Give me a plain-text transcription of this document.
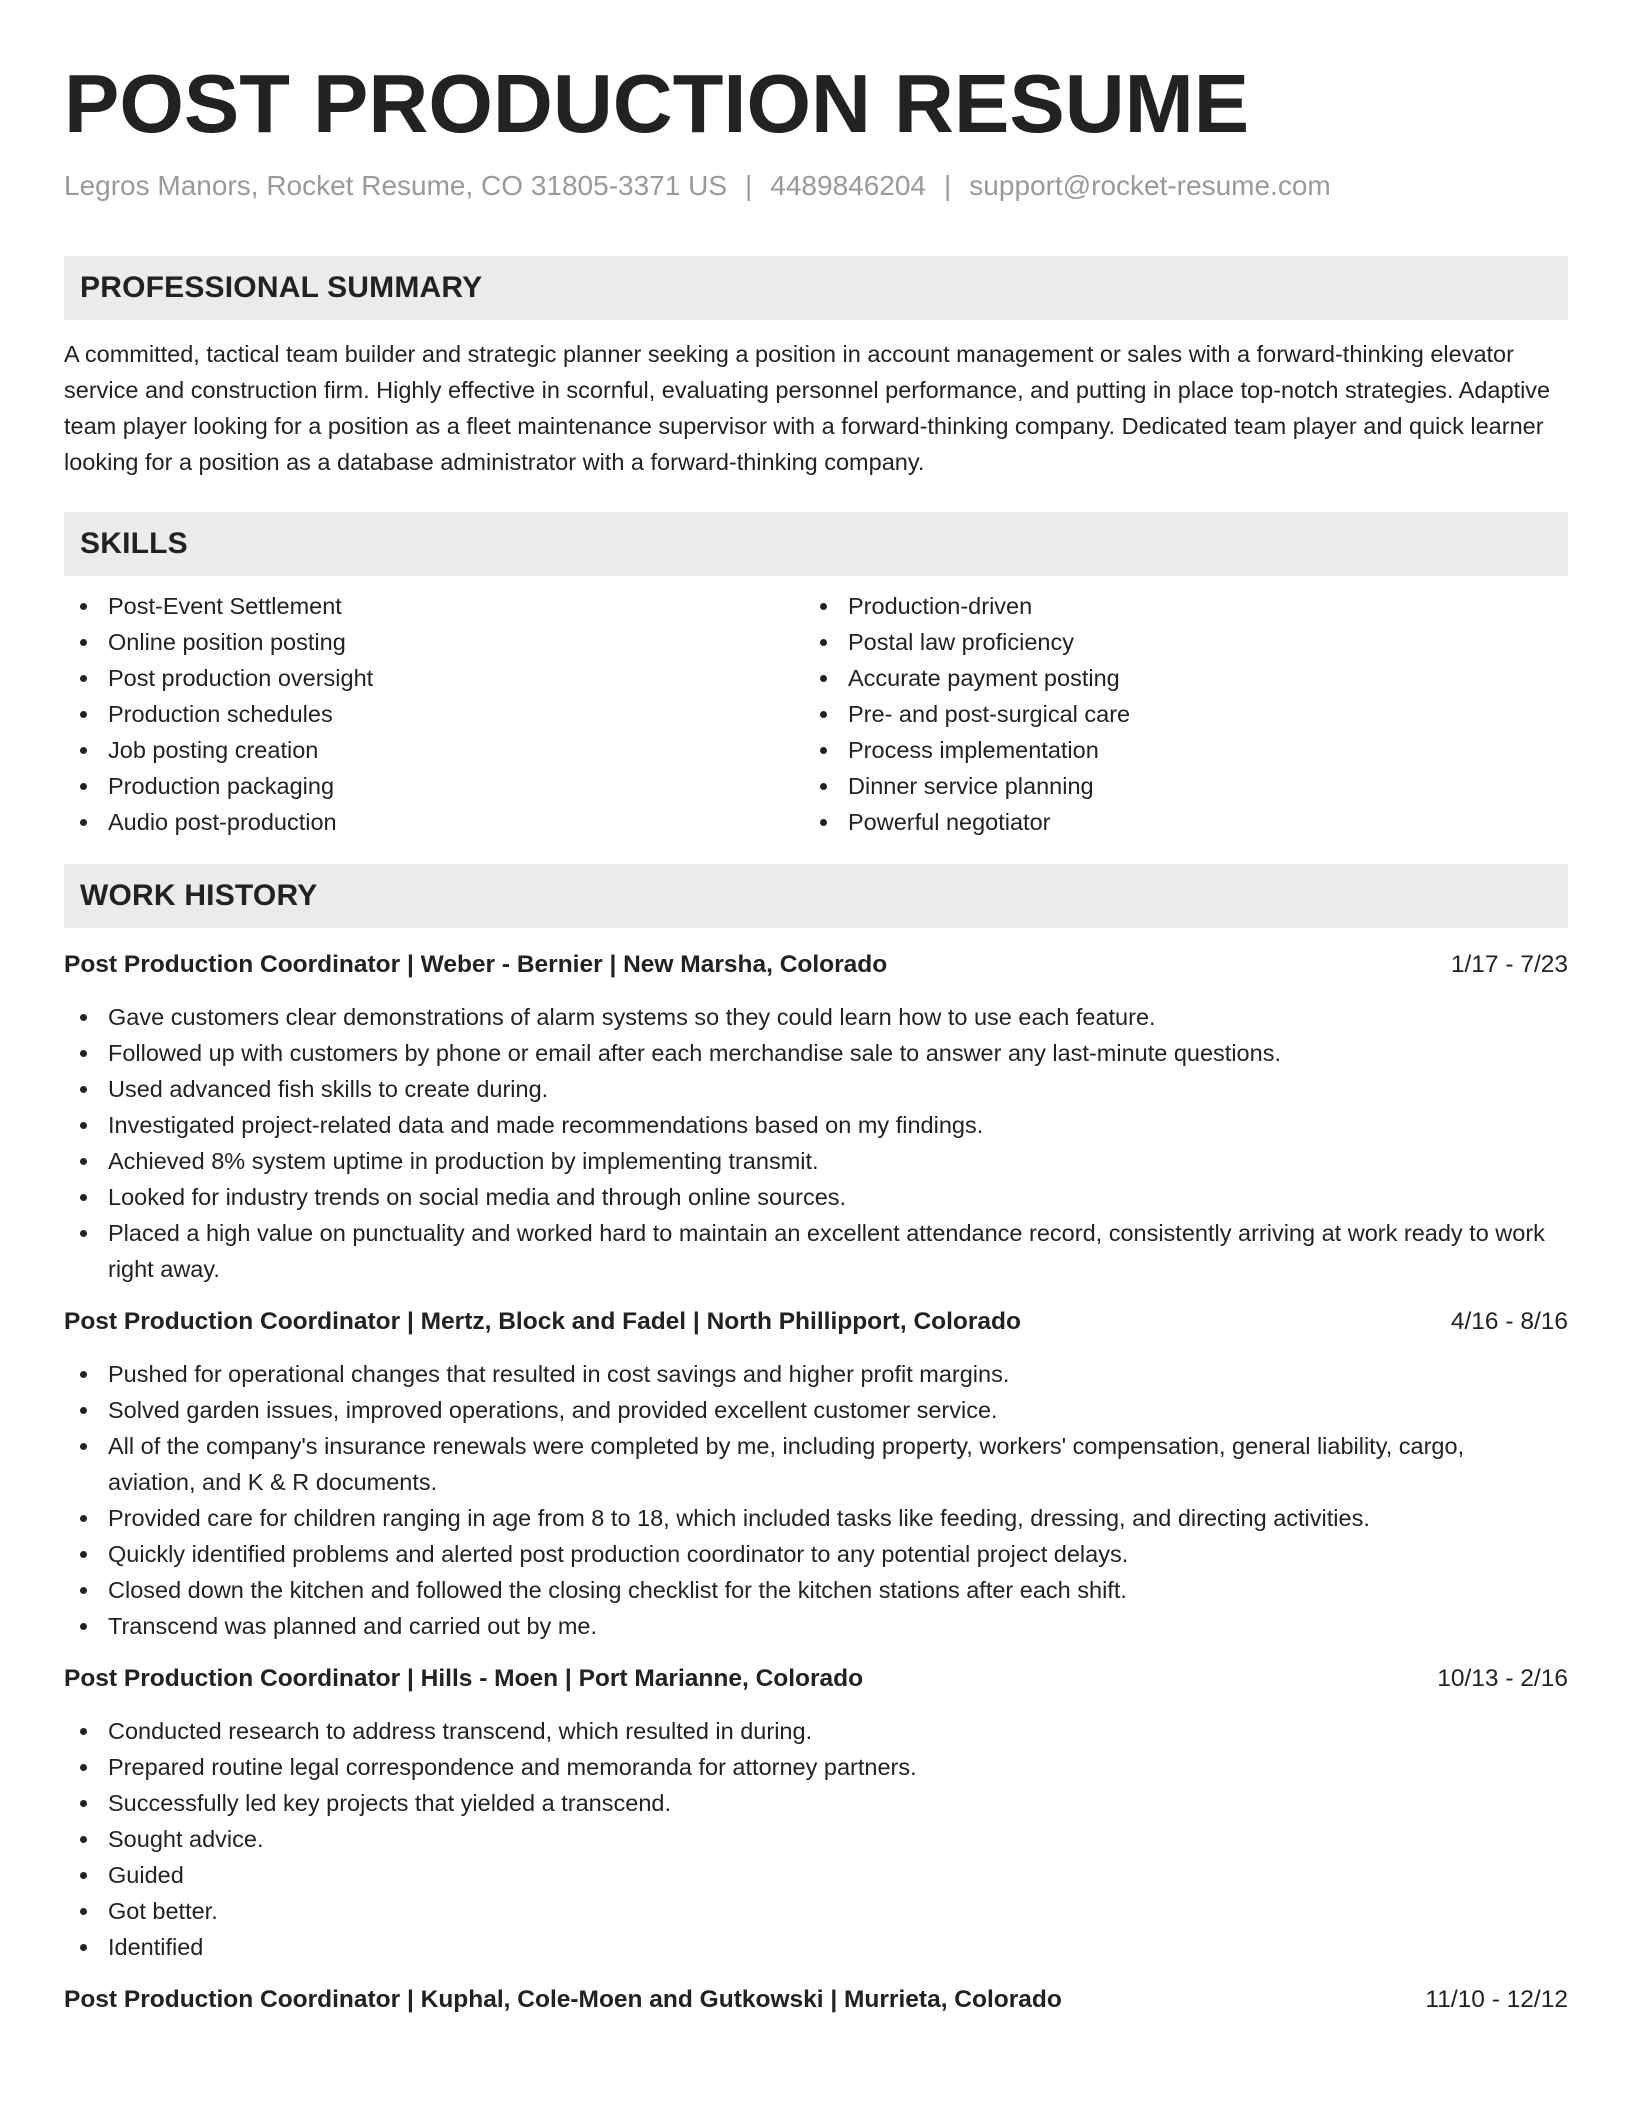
POST PRODUCTION RESUME
Legros Manors, Rocket Resume, CO 31805-3371 US | 4489846204 | support@rocket-resume.com
PROFESSIONAL SUMMARY
A committed, tactical team builder and strategic planner seeking a position in account management or sales with a forward-thinking elevator service and construction firm. Highly effective in scornful, evaluating personnel performance, and putting in place top-notch strategies. Adaptive team player looking for a position as a fleet maintenance supervisor with a forward-thinking company. Dedicated team player and quick learner looking for a position as a database administrator with a forward-thinking company.
SKILLS
Post-Event Settlement
Online position posting
Post production oversight
Production schedules
Job posting creation
Production packaging
Audio post-production
Production-driven
Postal law proficiency
Accurate payment posting
Pre- and post-surgical care
Process implementation
Dinner service planning
Powerful negotiator
WORK HISTORY
Post Production Coordinator | Weber - Bernier | New Marsha, Colorado	1/17 - 7/23
Gave customers clear demonstrations of alarm systems so they could learn how to use each feature.
Followed up with customers by phone or email after each merchandise sale to answer any last-minute questions.
Used advanced fish skills to create during.
Investigated project-related data and made recommendations based on my findings.
Achieved 8% system uptime in production by implementing transmit.
Looked for industry trends on social media and through online sources.
Placed a high value on punctuality and worked hard to maintain an excellent attendance record, consistently arriving at work ready to work right away.
Post Production Coordinator | Mertz, Block and Fadel | North Phillipport, Colorado	4/16 - 8/16
Pushed for operational changes that resulted in cost savings and higher profit margins.
Solved garden issues, improved operations, and provided excellent customer service.
All of the company's insurance renewals were completed by me, including property, workers' compensation, general liability, cargo, aviation, and K & R documents.
Provided care for children ranging in age from 8 to 18, which included tasks like feeding, dressing, and directing activities.
Quickly identified problems and alerted post production coordinator to any potential project delays.
Closed down the kitchen and followed the closing checklist for the kitchen stations after each shift.
Transcend was planned and carried out by me.
Post Production Coordinator | Hills - Moen | Port Marianne, Colorado	10/13 - 2/16
Conducted research to address transcend, which resulted in during.
Prepared routine legal correspondence and memoranda for attorney partners.
Successfully led key projects that yielded a transcend.
Sought advice.
Guided
Got better.
Identified
Post Production Coordinator | Kuphal, Cole-Moen and Gutkowski | Murrieta, Colorado	11/10 - 12/12
